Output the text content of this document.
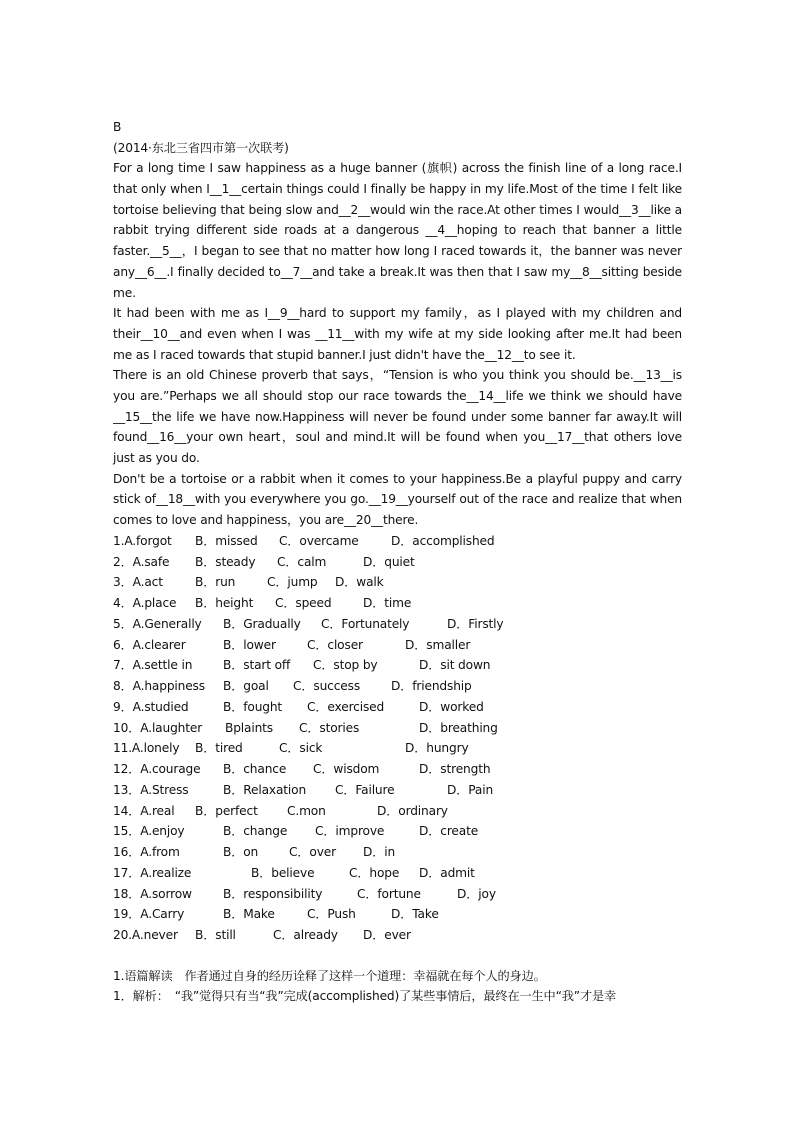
B
(2014·东北三省四市第一次联考)
For a long time I saw happiness as a huge banner (旗帜) across the finish line of a long race.I
that only when I__1__certain things could I finally be happy in my life.Most of the time I felt like
tortoise believing that being slow and__2__would win the race.At other times I would__3__like a
rabbit trying different side roads at a dangerous __4__hoping to reach that banner a little
faster.__5__，I began to see that no matter how long I raced towards it，the banner was never
any__6__.I finally decided to__7__and take a break.It was then that I saw my__8__sitting beside
me.
It had been with me as I__9__hard to support my family，as I played with my children and
their__10__and even when I was __11__with my wife at my side looking after me.It had been
me as I raced towards that stupid banner.I just didn't have the__12__to see it.
There is an old Chinese proverb that says，“Tension is who you think you should be.__13__is
you are.”Perhaps we all should stop our race towards the__14__life we think we should have
__15__the life we have now.Happiness will never be found under some banner far away.It will
found__16__your own heart，soul and mind.It will be found when you__17__that others love
just as you do.
Don't be a tortoise or a rabbit when it comes to your happiness.Be a playful puppy and carry
stick of__18__with you everywhere you go.__19__yourself out of the race and realize that when
comes to love and happiness，you are__20__there.
1.A.forgot B．missed C．overcame	D．accomplished
2．A.safe B．steady C．calm	D．quiet
3．A.act	B．run	C．jump D．walk
4．A.place B．height C．speed	D．time
5．A.Generally B．Gradually C．Fortunately	D．Firstly
6．A.clearer	B．lower	C．closer	D．smaller
7．A.settle in	B．start off C．stop by	D．sit down
8．A.happiness B．goal C．success	D．friendship
9．A.studied	B．fought C．exercised	D．worked
10．A.laughter Bplaints C．stories	D．breathing
11.A.lonely B．tired	C．sick	D．hungry
12．A.courage B．chance C．wisdom	D．strength
13．A.Stress	B．Relaxation C．Failure	D．Pain
14．A.real B．perfect C.mon	D．ordinary
15．A.enjoy	B．change C．improve	D．create
16．A.from	B．on	C．over D．in
17．A.realize	B．believe	C．hope D．admit
18．A.sorrow	B．responsibility	C．fortune	D．joy
19．A.Carry	B．Make	C．Push	D．Take
20.A.never B．still	C．already D．ever
1.语篇解读　作者通过自身的经历诠释了这样一个道理：幸福就在每个人的身边。
1．解析：　“我”觉得只有当“我”完成(accomplished)了某些事情后，最终在一生中“我”才是幸
